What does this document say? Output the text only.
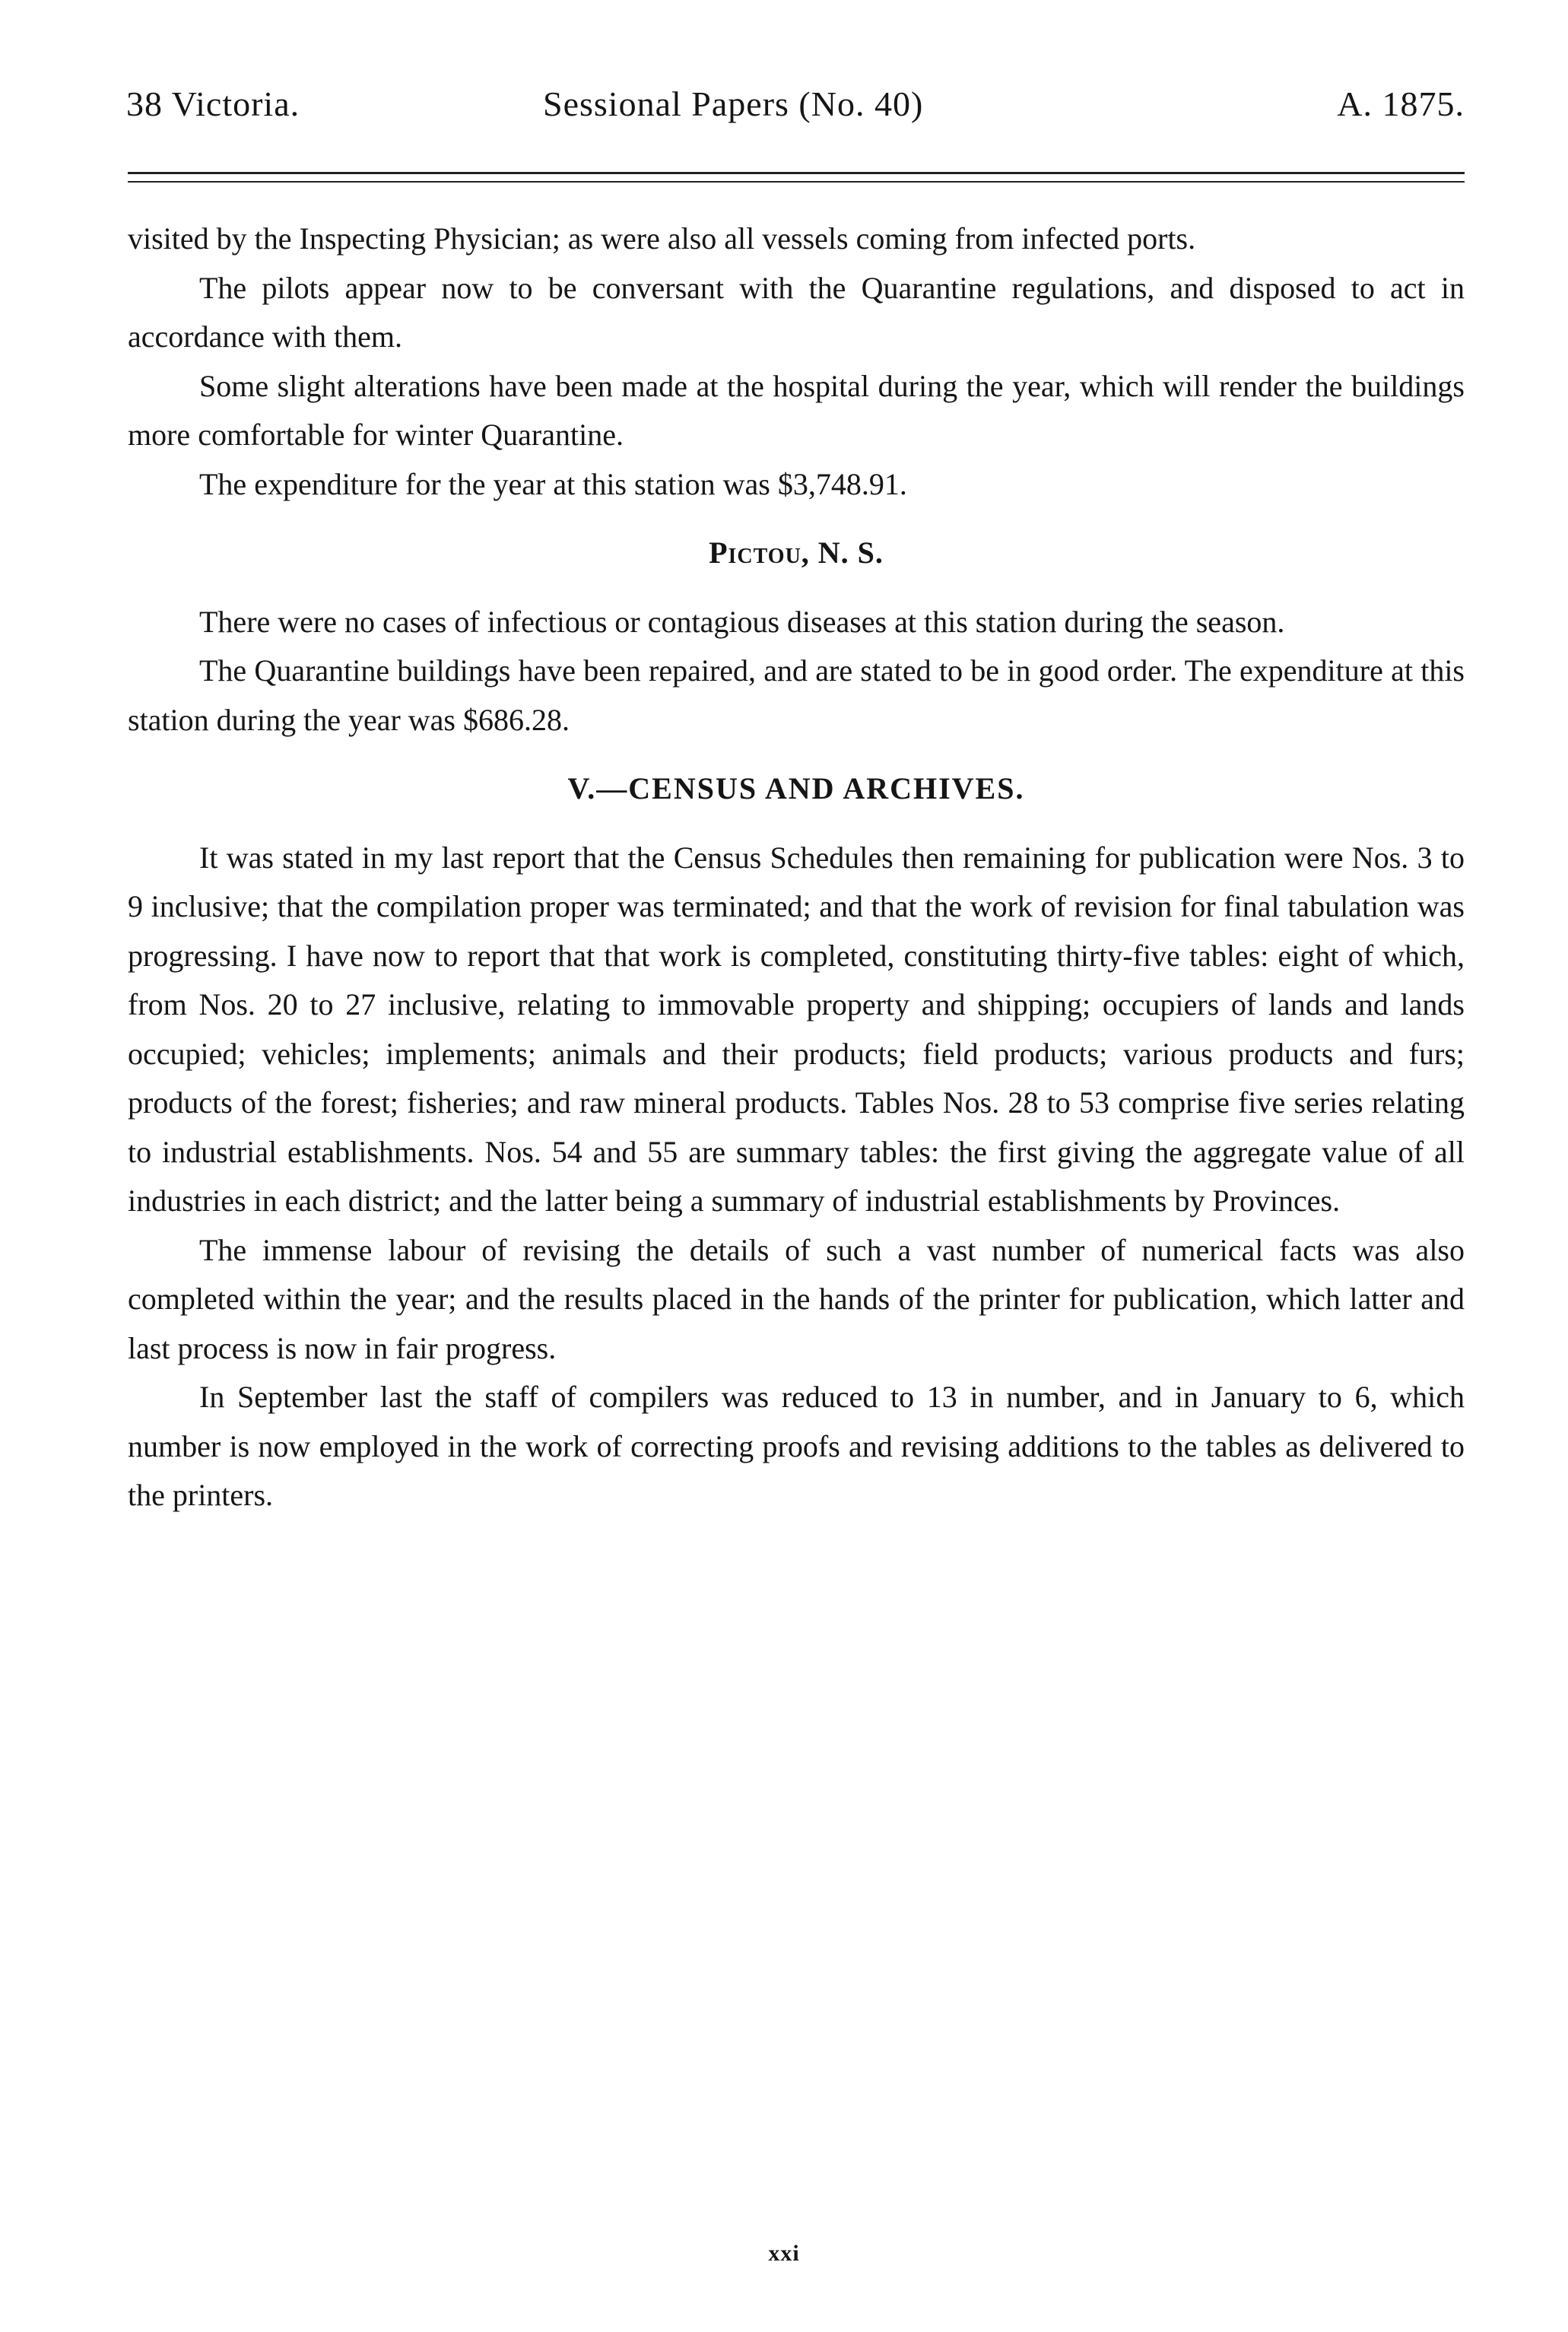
38 Victoria.	Sessional Papers (No. 40)	A. 1875.

visited by the Inspecting Physician; as were also all vessels coming from infected ports.

The pilots appear now to be conversant with the Quarantine regulations, and disposed to act in accordance with them.

Some slight alterations have been made at the hospital during the year, which will render the buildings more comfortable for winter Quarantine.

The expenditure for the year at this station was $3,748.91.

Pictou, N. S.

There were no cases of infectious or contagious diseases at this station during the season.

The Quarantine buildings have been repaired, and are stated to be in good order. The expenditure at this station during the year was $686.28.

V.—CENSUS AND ARCHIVES.

It was stated in my last report that the Census Schedules then remaining for publication were Nos. 3 to 9 inclusive; that the compilation proper was terminated; and that the work of revision for final tabulation was progressing. I have now to report that that work is completed, constituting thirty-five tables: eight of which, from Nos. 20 to 27 inclusive, relating to immovable property and shipping; occupiers of lands and lands occupied; vehicles; implements; animals and their products; field products; various products and furs; products of the forest; fisheries; and raw mineral products. Tables Nos. 28 to 53 comprise five series relating to industrial establishments. Nos. 54 and 55 are summary tables: the first giving the aggregate value of all industries in each district; and the latter being a summary of industrial establishments by Provinces.

The immense labour of revising the details of such a vast number of numerical facts was also completed within the year; and the results placed in the hands of the printer for publication, which latter and last process is now in fair progress.

In September last the staff of compilers was reduced to 13 in number, and in January to 6, which number is now employed in the work of correcting proofs and revising additions to the tables as delivered to the printers.

xxi
